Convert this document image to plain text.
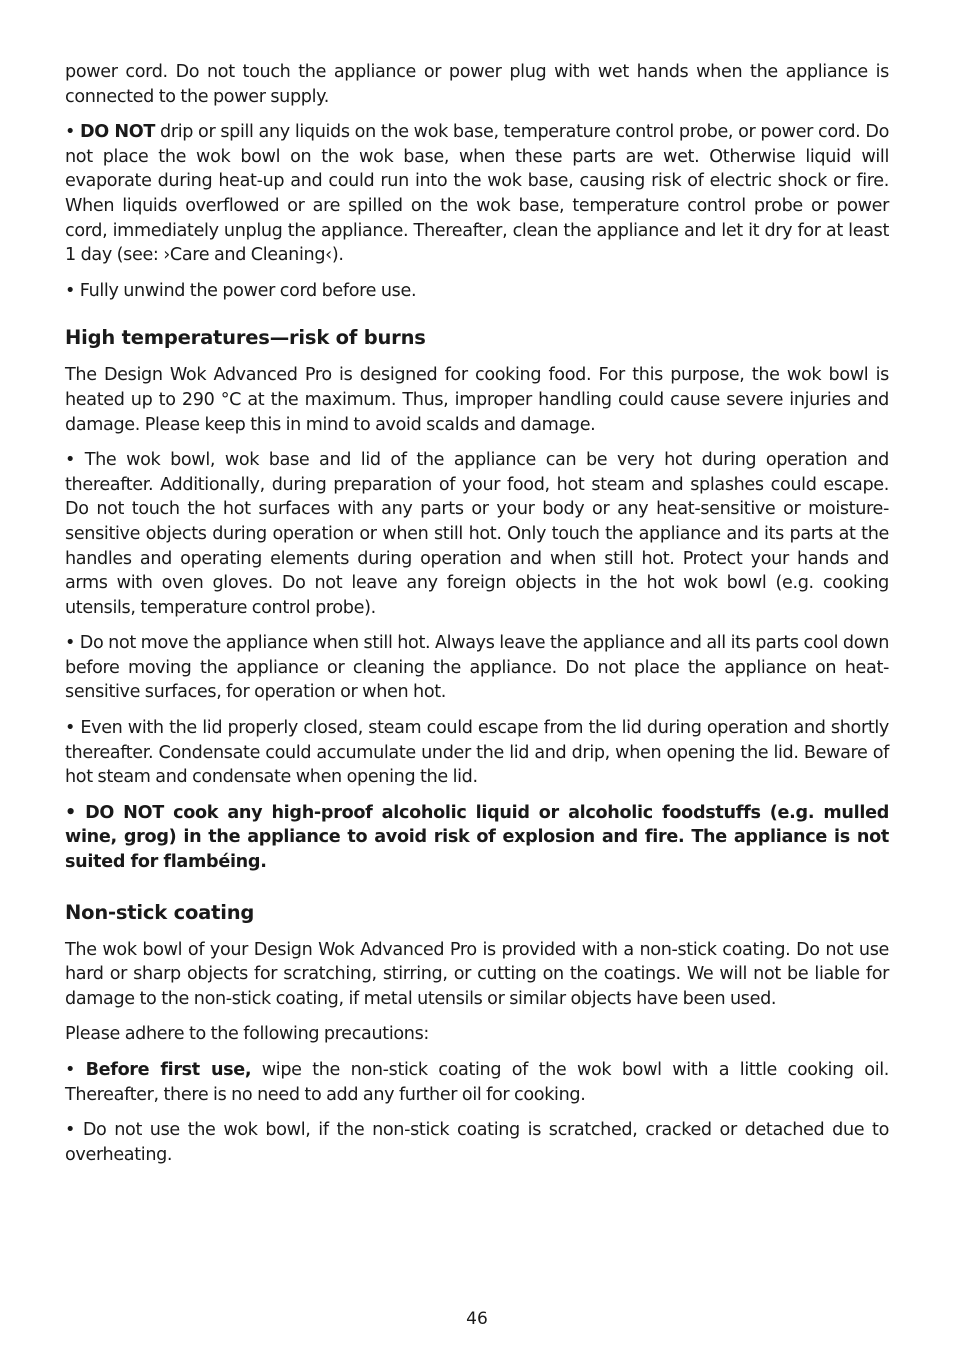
power cord. Do not touch the appliance or power plug with wet hands when the appliance is connected to the power supply.

• DO NOT drip or spill any liquids on the wok base, temperature control probe, or power cord. Do not place the wok bowl on the wok base, when these parts are wet. Otherwise liquid will evaporate during heat-up and could run into the wok base, causing risk of electric shock or fire. When liquids overflowed or are spilled on the wok base, temperature control probe or power cord, immediately unplug the appliance. Thereafter, clean the appliance and let it dry for at least 1 day (see: ›Care and Cleaning‹).

• Fully unwind the power cord before use.

High temperatures—risk of burns

The Design Wok Advanced Pro is designed for cooking food. For this purpose, the wok bowl is heated up to 290 °C at the maximum. Thus, improper handling could cause severe injuries and damage. Please keep this in mind to avoid scalds and damage.

• The wok bowl, wok base and lid of the appliance can be very hot during operation and thereafter. Additionally, during preparation of your food, hot steam and splashes could escape. Do not touch the hot surfaces with any parts or your body or any heat-sensitive or moisture-sensitive objects during operation or when still hot. Only touch the appliance and its parts at the handles and operating elements during operation and when still hot. Protect your hands and arms with oven gloves. Do not leave any foreign objects in the hot wok bowl (e.g. cooking utensils, temperature control probe).

• Do not move the appliance when still hot. Always leave the appliance and all its parts cool down before moving the appliance or cleaning the appliance. Do not place the appliance on heat-sensitive surfaces, for operation or when hot.

• Even with the lid properly closed, steam could escape from the lid during operation and shortly thereafter. Condensate could accumulate under the lid and drip, when opening the lid. Beware of hot steam and condensate when opening the lid.

• DO NOT cook any high-proof alcoholic liquid or alcoholic foodstuffs (e.g. mulled wine, grog) in the appliance to avoid risk of explosion and fire. The appliance is not suited for flambéing.

Non-stick coating

The wok bowl of your Design Wok Advanced Pro is provided with a non-stick coating. Do not use hard or sharp objects for scratching, stirring, or cutting on the coatings. We will not be liable for damage to the non-stick coating, if metal utensils or similar objects have been used.

Please adhere to the following precautions:

• Before first use, wipe the non-stick coating of the wok bowl with a little cooking oil. Thereafter, there is no need to add any further oil for cooking.

• Do not use the wok bowl, if the non-stick coating is scratched, cracked or detached due to overheating.

46
